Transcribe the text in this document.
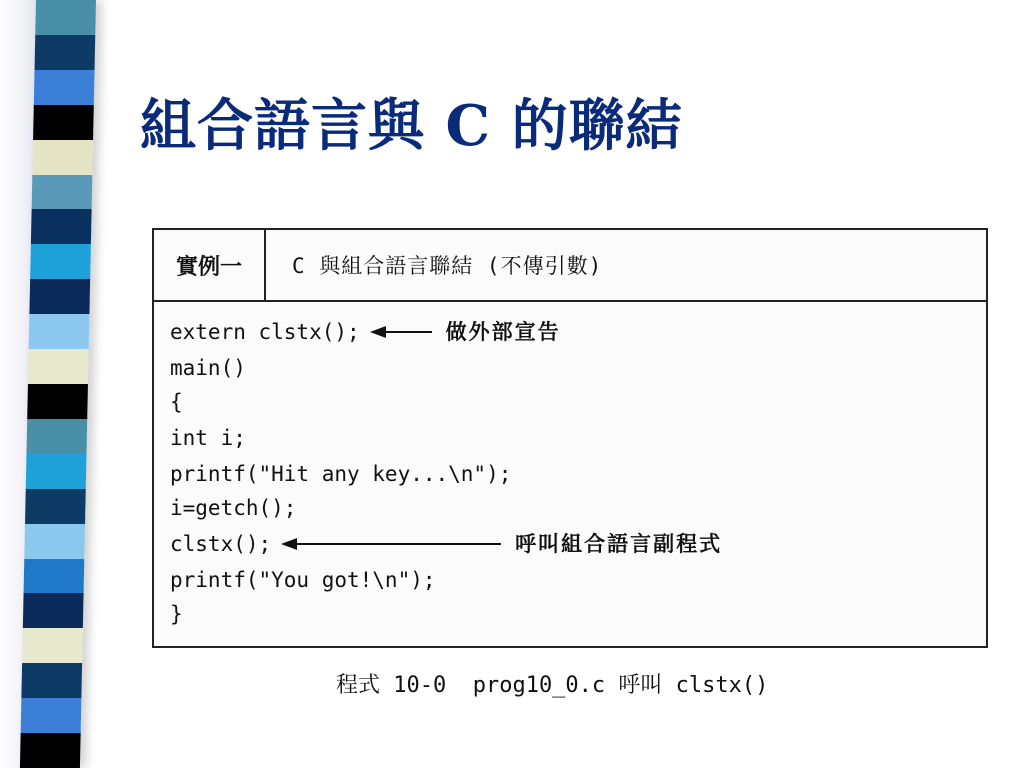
組合語言與 C 的聯結
實例一	C 與組合語言聯結 (不傳引數)
extern clstx();	做外部宣告
main()
{
int i;
printf("Hit any key...\n");
i=getch();
clstx();	呼叫組合語言副程式
printf("You got!\n");
}
程式 10-0  prog10_0.c 呼叫 clstx()
